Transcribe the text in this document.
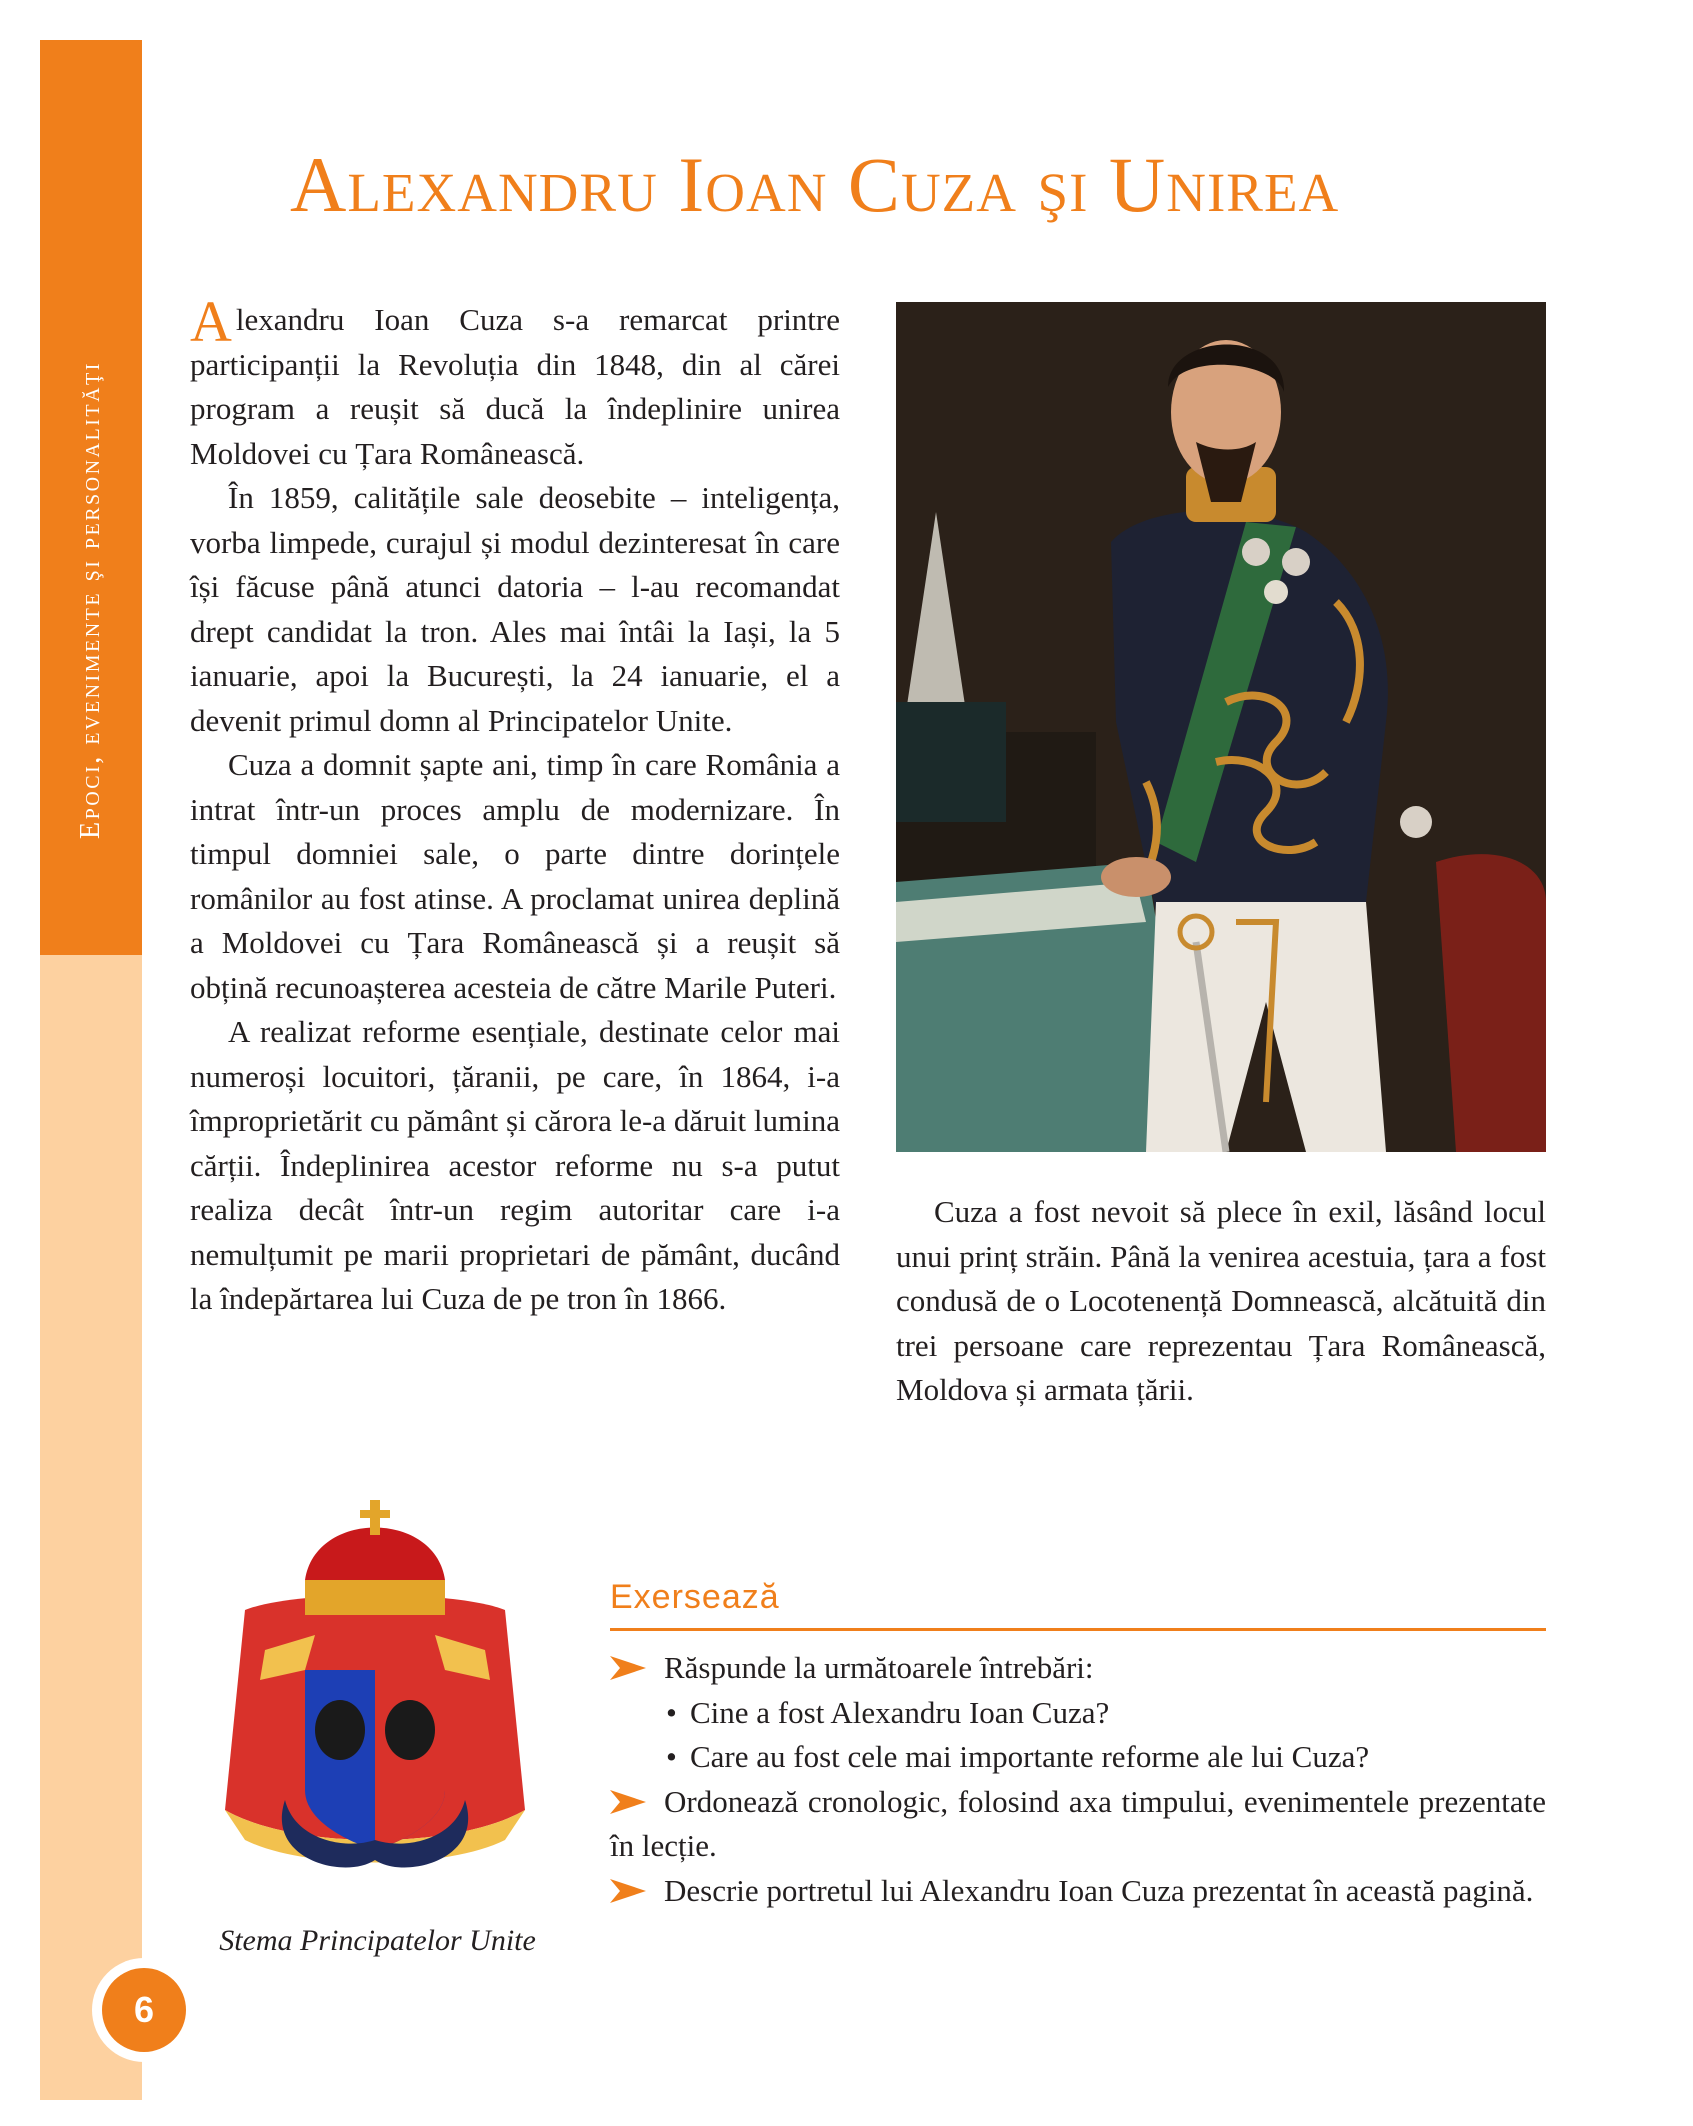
Epoci, evenimente şi personalităţi
6
Alexandru Ioan Cuza şi Unirea

Alexandru Ioan Cuza s-a remarcat printre participanții la Revoluția din 1848, din al cărei program a reușit să ducă la îndeplinire unirea Moldovei cu Țara Românească.

În 1859, calitățile sale deosebite – inteligența, vorba limpede, curajul și modul dezinteresat în care își făcuse până atunci datoria – l-au recomandat drept candidat la tron. Ales mai întâi la Iași, la 5 ianuarie, apoi la București, la 24 ianuarie, el a devenit primul domn al Principatelor Unite.

Cuza a domnit șapte ani, timp în care România a intrat într-un proces amplu de modernizare. În timpul domniei sale, o parte dintre dorințele românilor au fost atinse. A proclamat unirea deplină a Moldovei cu Țara Românească și a reușit să obțină recunoașterea acesteia de către Marile Puteri.

A realizat reforme esențiale, destinate celor mai numeroși locuitori, țăranii, pe care, în 1864, i-a împroprietărit cu pământ și cărora le-a dăruit lumina cărții. Îndeplinirea acestor reforme nu s-a putut realiza decât într-un regim autoritar care i-a nemulțumit pe marii proprietari de pământ, ducând la îndepărtarea lui Cuza de pe tron în 1866.

Cuza a fost nevoit să plece în exil, lăsând locul unui prinț străin. Până la venirea acestuia, țara a fost condusă de o Locotenență Domnească, alcătuită din trei persoane care reprezentau Țara Românească, Moldova și armata țării.

Stema Principatelor Unite
Exersează

Răspunde la următoarele întrebări:

• Cine a fost Alexandru Ioan Cuza?

• Care au fost cele mai importante reforme ale lui Cuza?

Ordonează cronologic, folosind axa timpului, evenimentele prezentate în lecție.

Descrie portretul lui Alexandru Ioan Cuza prezentat în această pagină.
